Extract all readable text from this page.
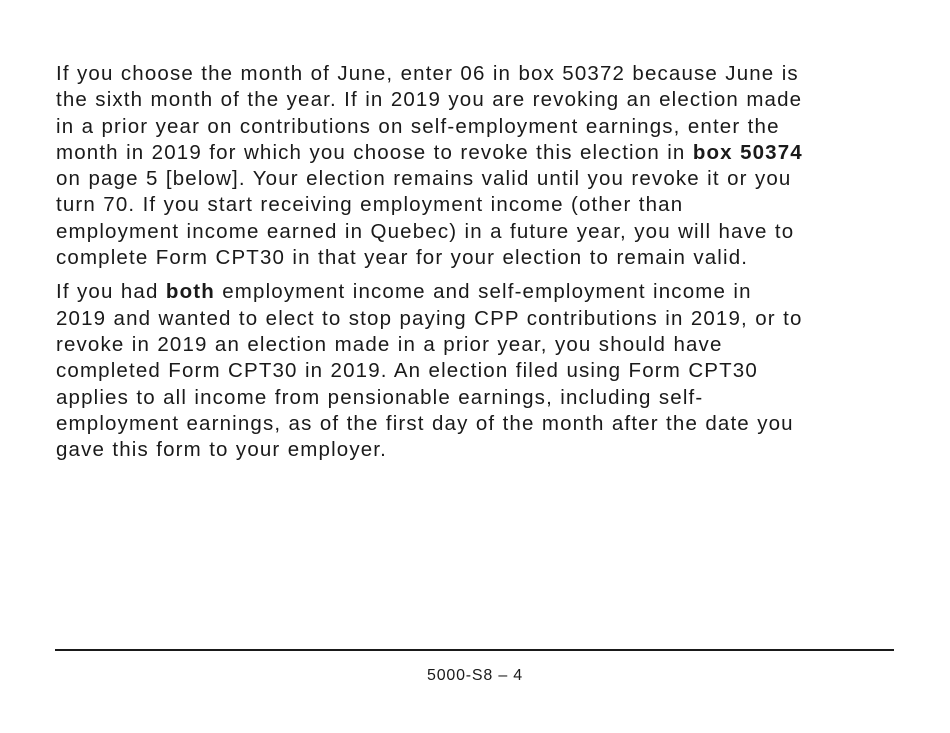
If you choose the month of June, enter 06 in box 50372 because June is
the sixth month of the year. If in 2019 you are revoking an election made
in a prior year on contributions on self-employment earnings, enter the
month in 2019 for which you choose to revoke this election in box 50374
on page 5 [below]. Your election remains valid until you revoke it or you
turn 70. If you start receiving employment income (other than
employment income earned in Quebec) in a future year, you will have to
complete Form CPT30 in that year for your election to remain valid.

If you had both employment income and self-employment income in
2019 and wanted to elect to stop paying CPP contributions in 2019, or to
revoke in 2019 an election made in a prior year, you should have
completed Form CPT30 in 2019. An election filed using Form CPT30
applies to all income from pensionable earnings, including self-
employment earnings, as of the first day of the month after the date you
gave this form to your employer.

5000-S8 – 4
